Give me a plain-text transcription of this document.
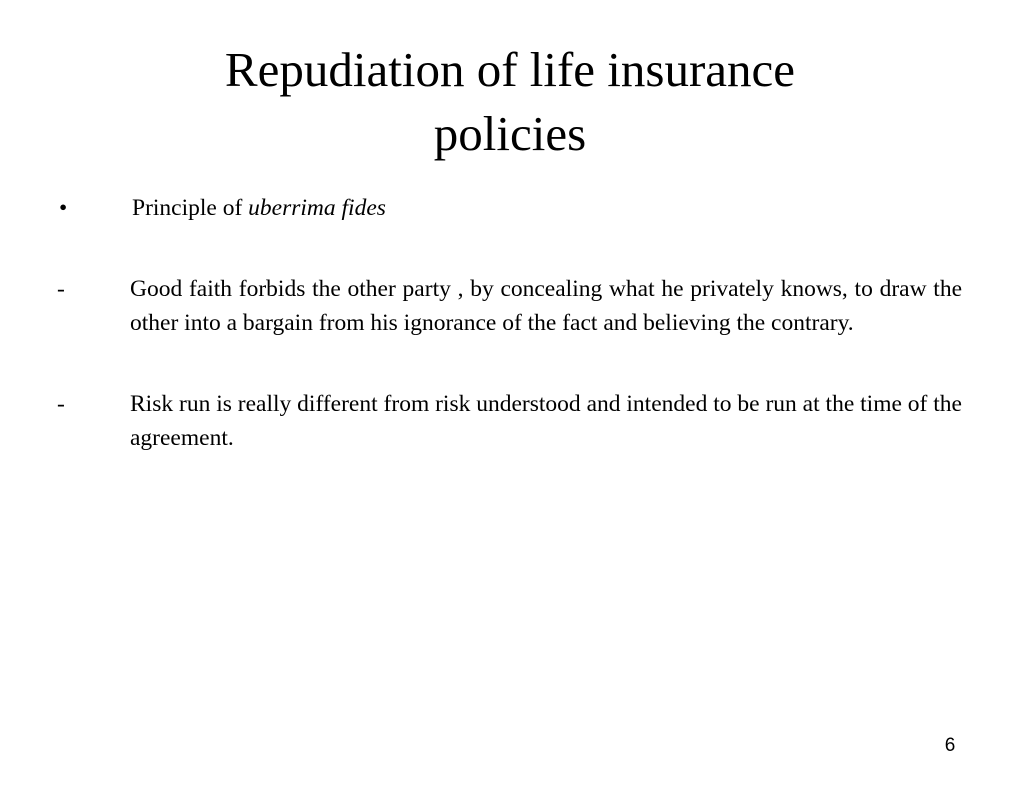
Repudiation of life insurance policies
•	Principle of uberrima fides
-	Good faith forbids the other party , by concealing what he privately knows, to draw the other into a bargain from his ignorance of the fact and believing the contrary.
-	Risk run is really different from risk understood and intended to be run at the time of the agreement.
6
